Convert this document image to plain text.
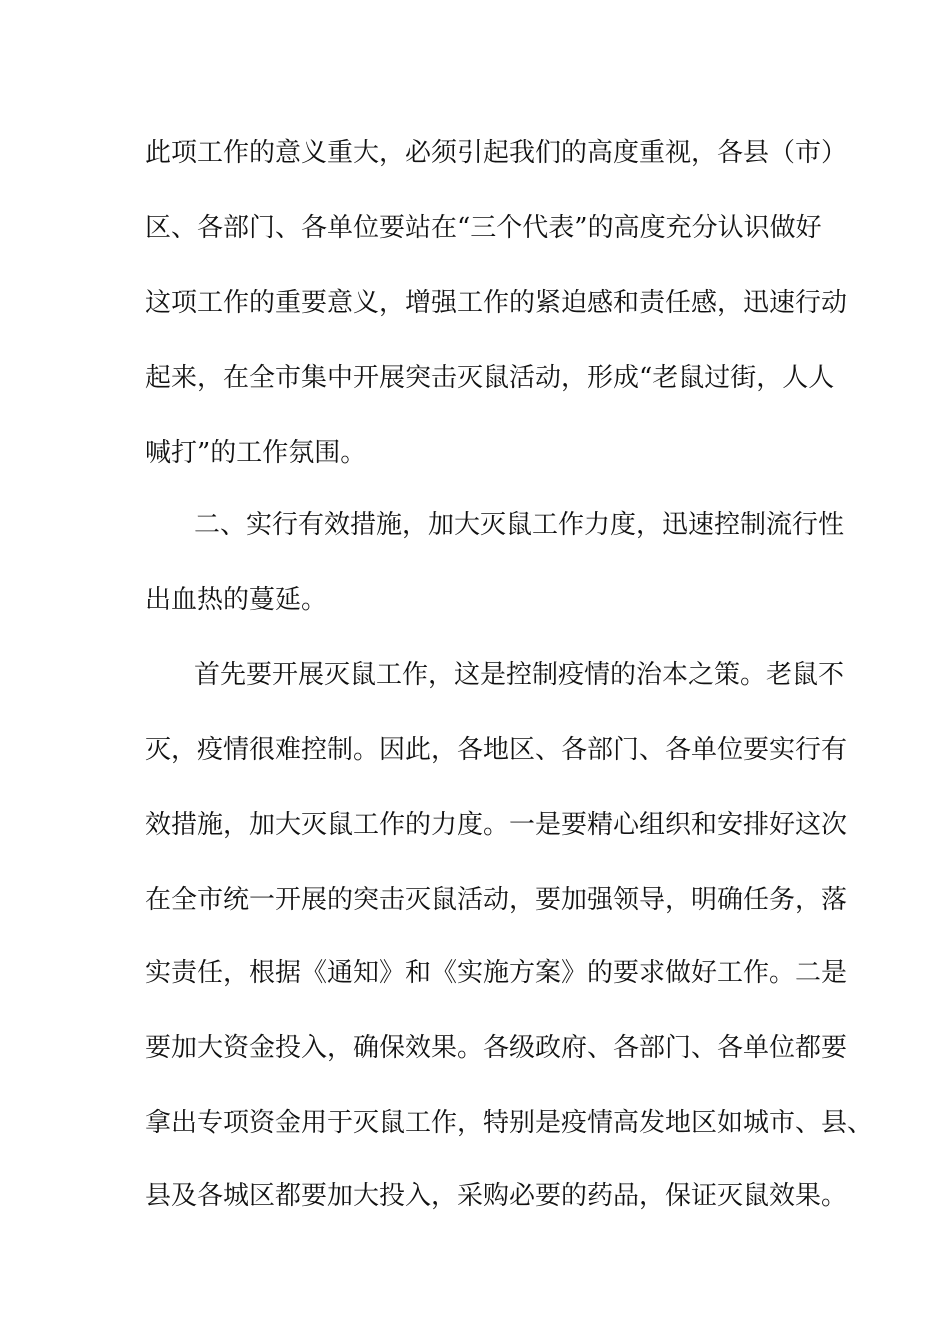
此项工作的意义重大，必须引起我们的高度重视，各县（市）
区、各部门、各单位要站在“三个代表”的高度充分认识做好
这项工作的重要意义，增强工作的紧迫感和责任感，迅速行动
起来，在全市集中开展突击灭鼠活动，形成“老鼠过街，人人
喊打”的工作氛围。
二、实行有效措施，加大灭鼠工作力度，迅速控制流行性
出血热的蔓延。
首先要开展灭鼠工作，这是控制疫情的治本之策。老鼠不
灭，疫情很难控制。因此，各地区、各部门、各单位要实行有
效措施，加大灭鼠工作的力度。一是要精心组织和安排好这次
在全市统一开展的突击灭鼠活动，要加强领导，明确任务，落
实责任，根据《通知》和《实施方案》的要求做好工作。二是
要加大资金投入，确保效果。各级政府、各部门、各单位都要
拿出专项资金用于灭鼠工作，特别是疫情高发地区如城市、县、
县及各城区都要加大投入，采购必要的药品，保证灭鼠效果。
